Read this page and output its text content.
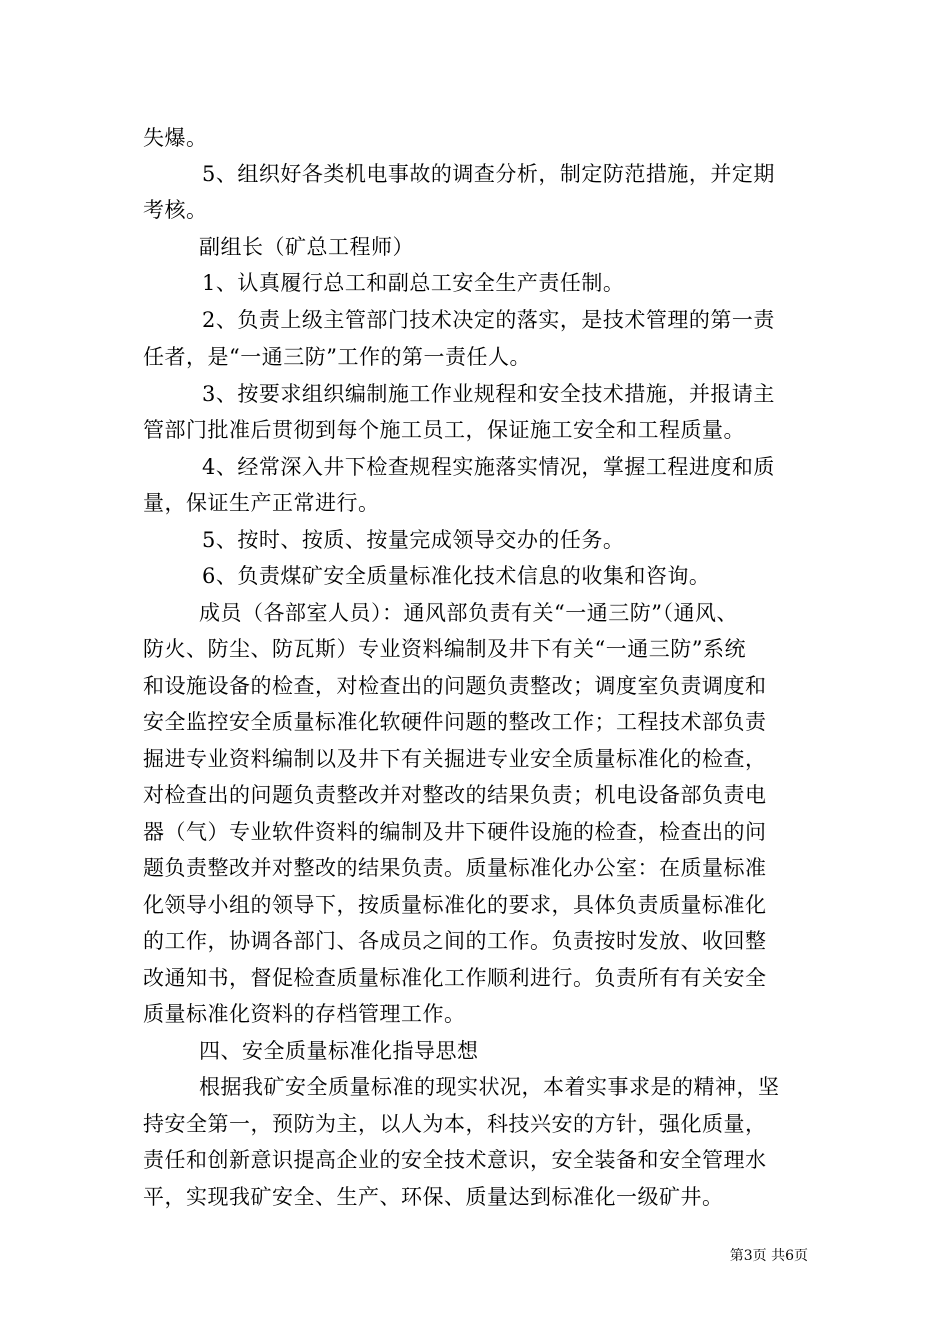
失爆。
5、组织好各类机电事故的调查分析，制定防范措施，并定期
考核。
副组长（矿总工程师）
1、认真履行总工和副总工安全生产责任制。
2、负责上级主管部门技术决定的落实，是技术管理的第一责
任者，是“一通三防”工作的第一责任人。
3、按要求组织编制施工作业规程和安全技术措施，并报请主
管部门批准后贯彻到每个施工员工，保证施工安全和工程质量。
4、经常深入井下检查规程实施落实情况，掌握工程进度和质
量，保证生产正常进行。
5、按时、按质、按量完成领导交办的任务。
6、负责煤矿安全质量标准化技术信息的收集和咨询。
成员（各部室人员）：通风部负责有关“一通三防”（通风、
防火、防尘、防瓦斯）专业资料编制及井下有关“一通三防”系统
和设施设备的检查，对检查出的问题负责整改；调度室负责调度和
安全监控安全质量标准化软硬件问题的整改工作；工程技术部负责
掘进专业资料编制以及井下有关掘进专业安全质量标准化的检查，
对检查出的问题负责整改并对整改的结果负责；机电设备部负责电
器（气）专业软件资料的编制及井下硬件设施的检查，检查出的问
题负责整改并对整改的结果负责。质量标准化办公室：在质量标准
化领导小组的领导下，按质量标准化的要求，具体负责质量标准化
的工作，协调各部门、各成员之间的工作。负责按时发放、收回整
改通知书，督促检查质量标准化工作顺利进行。负责所有有关安全
质量标准化资料的存档管理工作。
四、安全质量标准化指导思想
根据我矿安全质量标准的现实状况，本着实事求是的精神，坚
持安全第一，预防为主，以人为本，科技兴安的方针，强化质量，
责任和创新意识提高企业的安全技术意识，安全装备和安全管理水
平，实现我矿安全、生产、环保、质量达到标准化一级矿井。
第3页 共6页
